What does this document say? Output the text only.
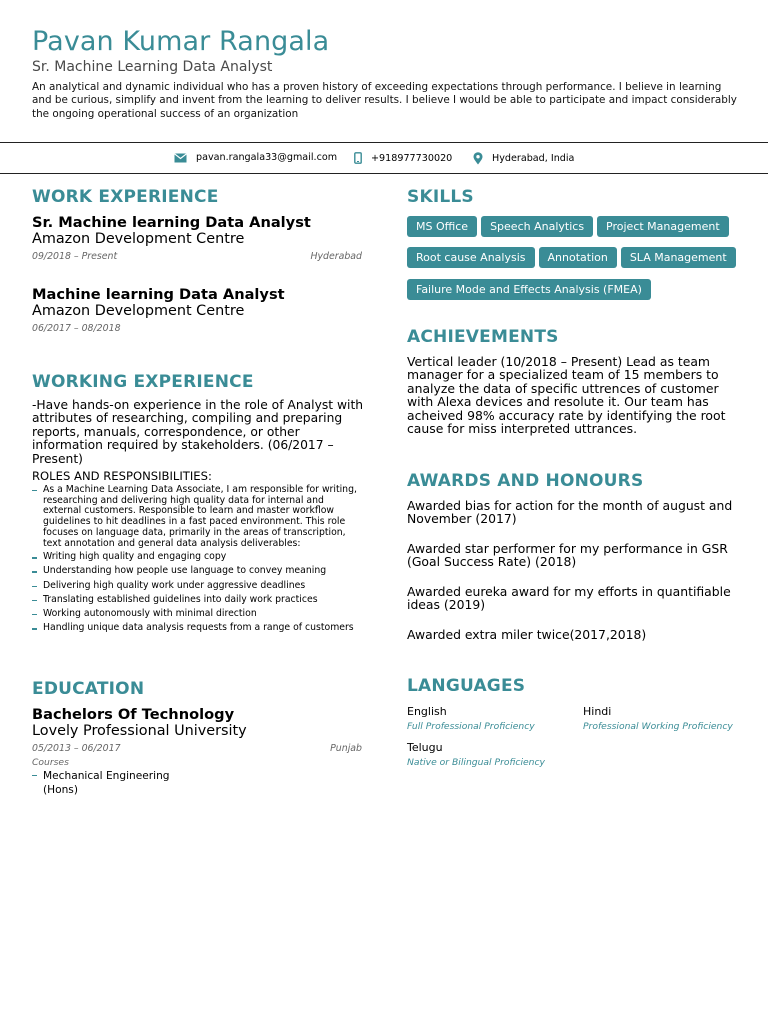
Pavan Kumar Rangala
Sr. Machine Learning Data Analyst
An analytical and dynamic individual who has a proven history of exceeding expectations through performance. I believe in learning and be curious, simplify and invent from the learning to deliver results. I believe I would be able to participate and impact considerably the ongoing operational success of an organization
pavan.rangala33@gmail.com	+918977730020	Hyderabad, India
WORK EXPERIENCE
Sr. Machine learning Data Analyst
Amazon Development Centre
09/2018 – Present	Hyderabad
Machine learning Data Analyst
Amazon Development Centre
06/2017 – 08/2018
WORKING EXPERIENCE
-Have hands-on experience in the role of Analyst with attributes of researching, compiling and preparing reports, manuals, correspondence, or other information required by stakeholders. (06/2017 – Present)
ROLES AND RESPONSIBILITIES:
As a Machine Learning Data Associate, I am responsible for writing, researching and delivering high quality data for internal and external customers. Responsible to learn and master workflow guidelines to hit deadlines in a fast paced environment. This role focuses on language data, primarily in the areas of transcription, text annotation and general data analysis deliverables:
Writing high quality and engaging copy
Understanding how people use language to convey meaning
Delivering high quality work under aggressive deadlines
Translating established guidelines into daily work practices
Working autonomously with minimal direction
Handling unique data analysis requests from a range of customers
EDUCATION
Bachelors Of Technology
Lovely Professional University
05/2013 – 06/2017	Punjab
Courses
Mechanical Engineering (Hons)
SKILLS
MS Office	Speech Analytics	Project Management
Root cause Analysis	Annotation	SLA Management
Failure Mode and Effects Analysis (FMEA)
ACHIEVEMENTS
Vertical leader (10/2018 – Present) Lead as team manager for a specialized team of 15 members to analyze the data of specific uttrences of customer with Alexa devices and resolute it. Our team has acheived 98% accuracy rate by identifying the root cause for miss interpreted uttrances.
AWARDS AND HONOURS
Awarded bias for action for the month of august and November (2017)
Awarded star performer for my performance in GSR (Goal Success Rate) (2018)
Awarded eureka award for my efforts in quantifiable ideas (2019)
Awarded extra miler twice(2017,2018)
LANGUAGES
English
Full Professional Proficiency
Hindi
Professional Working Proficiency
Telugu
Native or Bilingual Proficiency
